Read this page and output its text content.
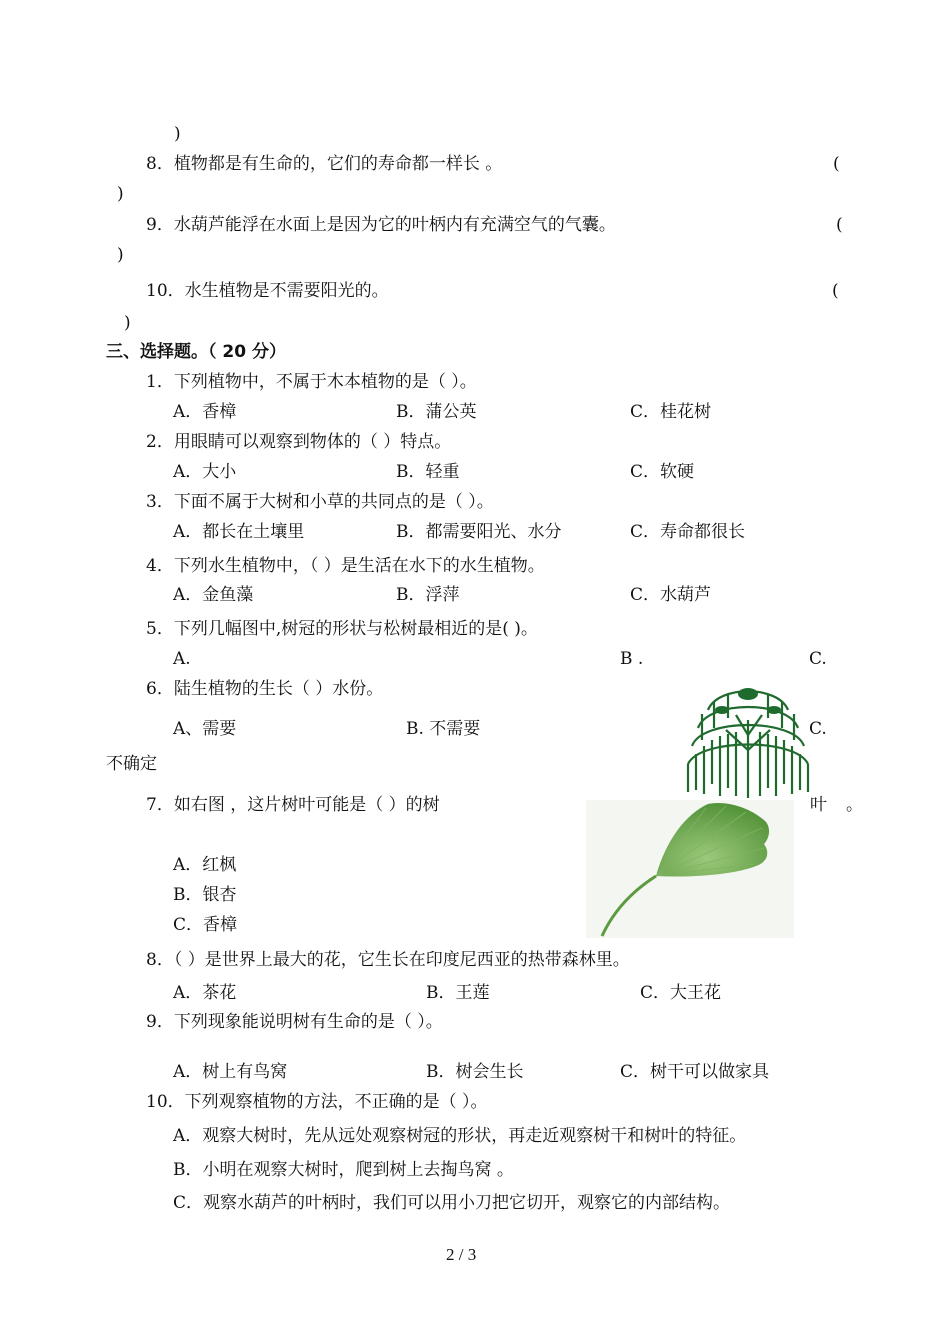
)
8．植物都是有生命的，它们的寿命都一样长 。	(
)
9．水葫芦能浮在水面上是因为它的叶柄内有充满空气的气囊。	(
)
10．水生植物是不需要阳光的。	(
)
三、选择题。（ 20 分）
1．下列植物中，不属于木本植物的是（ ）。
A．香樟	B．蒲公英	C．桂花树
2．用眼睛可以观察到物体的（ ）特点。
A．大小	B．轻重	C．软硬
3．下面不属于大树和小草的共同点的是（ ）。
A．都长在土壤里	B．都需要阳光、水分	C．寿命都很长
4．下列水生植物中，（ ）是生活在水下的水生植物。
A．金鱼藻	B．浮萍	C．水葫芦
5．下列几幅图中,树冠的形状与松树最相近的是( )。
A.	B .	C.
6．陆生植物的生长（ ）水份。
A、需要	B. 不需要	C.
不确定
7．如右图 ，这片树叶可能是（ ）的树	叶 。
A．红枫
B．银杏
C．香樟
8．（ ）是世界上最大的花，它生长在印度尼西亚的热带森林里。
A．茶花	B．王莲	C．大王花
9．下列现象能说明树有生命的是（ ）。
A．树上有鸟窝	B．树会生长	C．树干可以做家具
10．下列观察植物的方法，不正确的是（ ）。
A．观察大树时，先从远处观察树冠的形状，再走近观察树干和树叶的特征。
B．小明在观察大树时，爬到树上去掏鸟窝 。
C．观察水葫芦的叶柄时，我们可以用小刀把它切开，观察它的内部结构。
2 / 3
